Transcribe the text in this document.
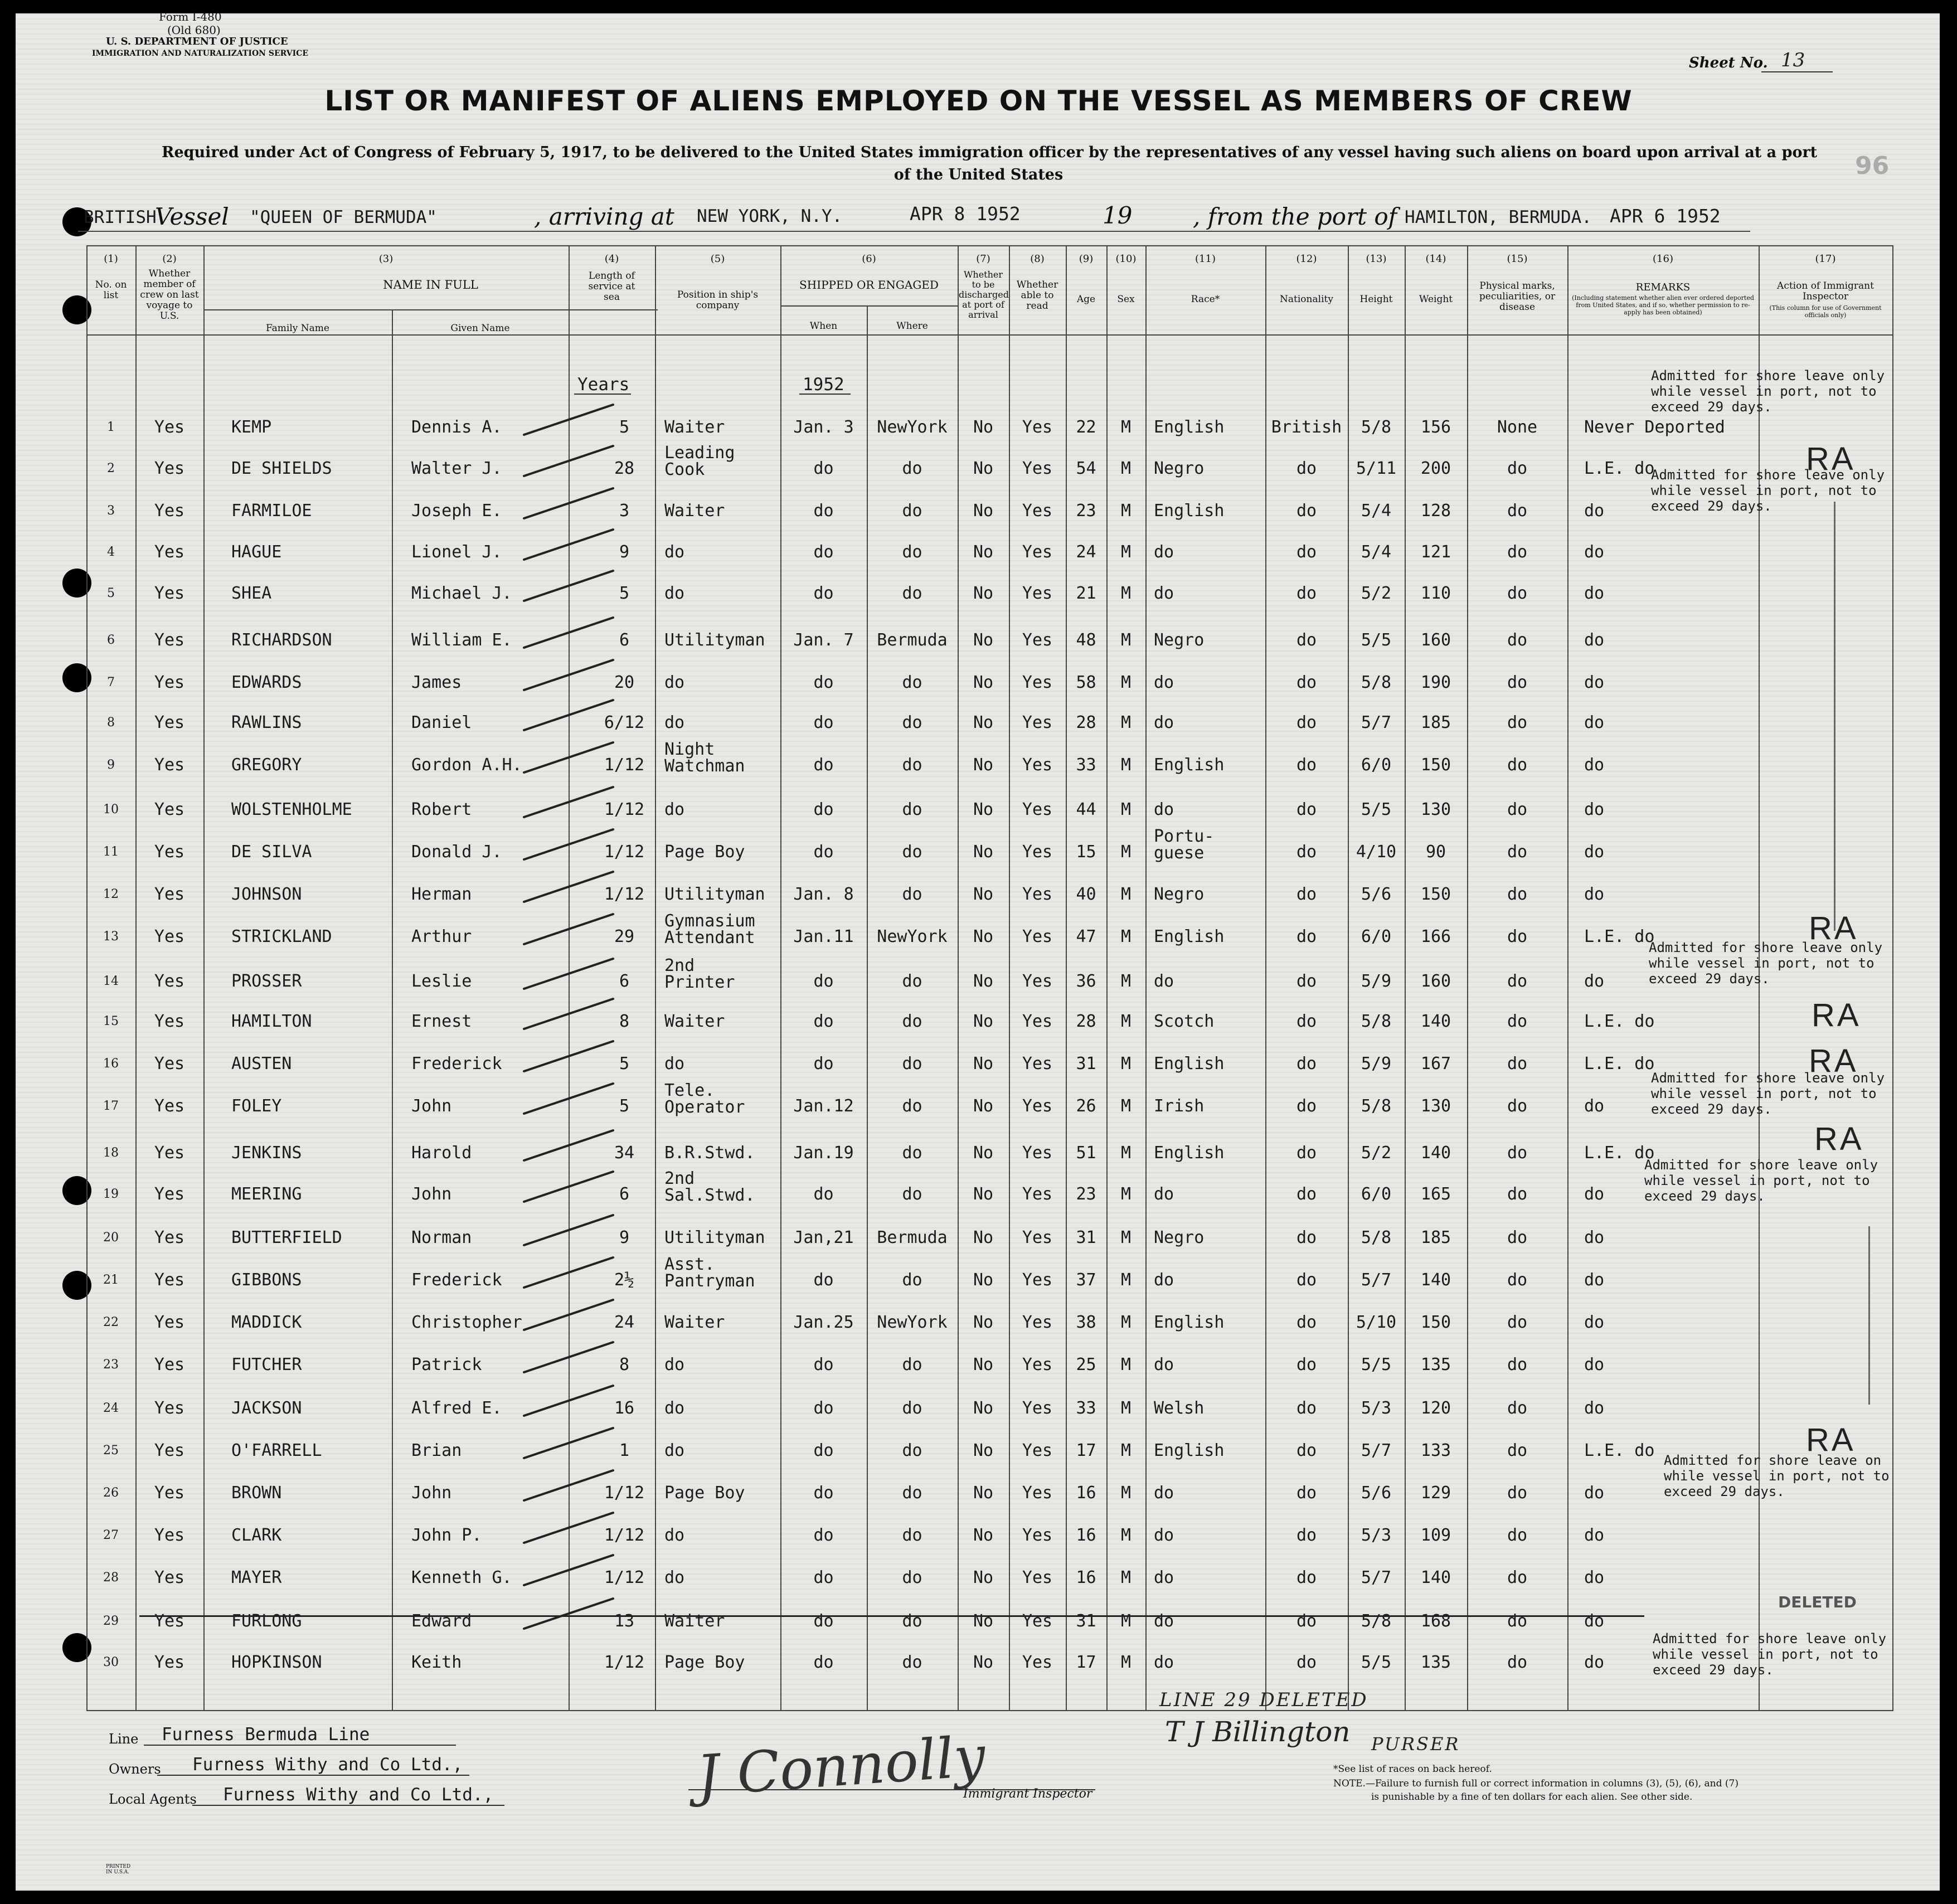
Form I-480
(Old 680)
U. S. DEPARTMENT OF JUSTICE
IMMIGRATION AND NATURALIZATION SERVICE
Sheet No. 13
96
LIST OR MANIFEST OF ALIENS EMPLOYED ON THE VESSEL AS MEMBERS OF CREW
Required under Act of Congress of February 5, 1917, to be delivered to the United States immigration officer by the representatives of any vessel having such aliens on board upon arrival at a port
of the United States
BRITISH
Vessel "QUEEN OF BERMUDA"	, arriving at NEW YORK, N.Y.	APR 8 1952	19	, from the port of HAMILTON, BERMUDA. APR 6 1952
(1)	(2)	(3)	(4)	(5)	(6)	(7)	(8)	(9)	(10)	(11)	(12)	(13)	(14)	(15)	(16)	(17)
No. on list
Whether member of crew on last voyage to U.S.
NAME IN FULL
Family Name	Given Name
Length of service at sea	Position in ship's company
SHIPPED OR ENGAGED
When	Where
Whether to be discharged at port of arrival
Whether able to read
Age	Sex	Race*	Nationality	Height	Weight
Physical marks, peculiarities, or disease
REMARKS
(Including statement whether alien ever ordered deported from United States, and if so, whether permission to re-apply has been obtained)
Action of Immigrant Inspector
(This column for use of Government officials only)
Years	1952
1	Yes	KEMP	Dennis A.	5	Waiter	Jan. 3	NewYork	No	Yes	22	M	English	British	5/8	156	None	Never Deported
2	Yes	DE SHIELDS	Walter J.	28
Leading
Cook	do	do	No	Yes	54	M	Negro	do	5/11	200	do	L.E. do
3	Yes	FARMILOE	Joseph E.	3	Waiter	do	do	No	Yes	23	M	English	do	5/4	128	do	do
4	Yes	HAGUE	Lionel J.	9	do	do	do	No	Yes	24	M	do	do	5/4	121	do	do
5	Yes	SHEA	Michael J.	5	do	do	do	No	Yes	21	M	do	do	5/2	110	do	do
6	Yes	RICHARDSON	William E.	6	Utilityman	Jan. 7	Bermuda	No	Yes	48	M	Negro	do	5/5	160	do	do
7	Yes	EDWARDS	James	20	do	do	do	No	Yes	58	M	do	do	5/8	190	do	do
8	Yes	RAWLINS	Daniel	6/12	do	do	do	No	Yes	28	M	do	do	5/7	185	do	do
9	Yes	GREGORY	Gordon A.H.	1/12
Night
Watchman	do	do	No	Yes	33	M	English	do	6/0	150	do	do
10	Yes	WOLSTENHOLME	Robert	1/12	do	do	do	No	Yes	44	M	do	do	5/5	130	do	do
11	Yes	DE SILVA	Donald J.	1/12	Page Boy	do	do	No	Yes	15	M
Portu-
guese	do	4/10	90	do	do
12	Yes	JOHNSON	Herman	1/12	Utilityman	Jan. 8	do	No	Yes	40	M	Negro	do	5/6	150	do	do
13	Yes	STRICKLAND	Arthur	29
Gymnasium
Attendant	Jan.11	NewYork	No	Yes	47	M	English	do	6/0	166	do	L.E. do
14	Yes	PROSSER	Leslie	6
2nd
Printer	do	do	No	Yes	36	M	do	do	5/9	160	do	do
15	Yes	HAMILTON	Ernest	8	Waiter	do	do	No	Yes	28	M	Scotch	do	5/8	140	do	L.E. do
16	Yes	AUSTEN	Frederick	5	do	do	do	No	Yes	31	M	English	do	5/9	167	do	L.E. do
17	Yes	FOLEY	John	5
Tele.
Operator	Jan.12	do	No	Yes	26	M	Irish	do	5/8	130	do	do
18	Yes	JENKINS	Harold	34	B.R.Stwd.	Jan.19	do	No	Yes	51	M	English	do	5/2	140	do	L.E. do
19	Yes	MEERING	John	6
2nd
Sal.Stwd.	do	do	No	Yes	23	M	do	do	6/0	165	do	do
20	Yes	BUTTERFIELD	Norman	9	Utilityman	Jan,21	Bermuda	No	Yes	31	M	Negro	do	5/8	185	do	do
21	Yes	GIBBONS	Frederick	2½
Asst.
Pantryman	do	do	No	Yes	37	M	do	do	5/7	140	do	do
22	Yes	MADDICK	Christopher	24	Waiter	Jan.25	NewYork	No	Yes	38	M	English	do	5/10	150	do	do
23	Yes	FUTCHER	Patrick	8	do	do	do	No	Yes	25	M	do	do	5/5	135	do	do
24	Yes	JACKSON	Alfred E.	16	do	do	do	No	Yes	33	M	Welsh	do	5/3	120	do	do
25	Yes	O'FARRELL	Brian	1	do	do	do	No	Yes	17	M	English	do	5/7	133	do	L.E. do
26	Yes	BROWN	John	1/12	Page Boy	do	do	No	Yes	16	M	do	do	5/6	129	do	do
27	Yes	CLARK	John P.	1/12	do	do	do	No	Yes	16	M	do	do	5/3	109	do	do
28	Yes	MAYER	Kenneth G.	1/12	do	do	do	No	Yes	16	M	do	do	5/7	140	do	do
29	Yes	FURLONG	Edward	13	Waiter	do	do	No	Yes	31	M	do	do	5/8	168	do	do
30	Yes	HOPKINSON	Keith	1/12	Page Boy	do	do	No	Yes	17	M	do	do	5/5	135	do	do
Admitted for shore leave only
while vessel in port, not to
exceed 29 days.
Admitted for shore leave only
while vessel in port, not to
exceed 29 days.
Admitted for shore leave only
while vessel in port, not to
exceed 29 days.
Admitted for shore leave only
while vessel in port, not to
exceed 29 days.
Admitted for shore leave only
while vessel in port, not to
exceed 29 days.
Admitted for shore leave on
while vessel in port, not to
exceed 29 days.
Admitted for shore leave only
while vessel in port, not to
exceed 29 days.
RA
RA
RA
RA
RA
RA
DELETED
LINE 29 DELETED
Line Furness Bermuda Line
Owners Furness Withy and Co Ltd.,
Local Agents Furness Withy and Co Ltd.,	J Connolly
Immigrant Inspector
T J Billington PURSER
*See list of races on back hereof.
NOTE.—Failure to furnish full or correct information in columns (3), (5), (6), and (7)
is punishable by a fine of ten dollars for each alien. See other side.
PRINTED IN U.S.A.
